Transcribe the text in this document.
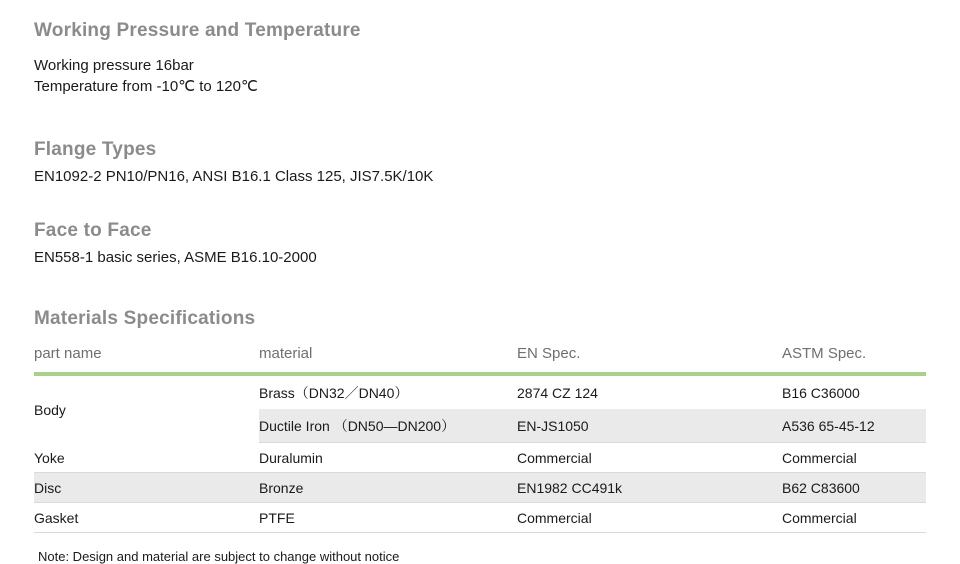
Working Pressure and Temperature

Working pressure 16bar

Temperature from -10℃ to 120℃

Flange Types

EN1092-2 PN10/PN16, ANSI B16.1 Class 125, JIS7.5K/10K

Face to Face

EN558-1 basic series, ASME B16.10-2000

Materials Specifications
part name	material	EN Spec.	ASTM Spec.
Body	Brass（DN32／DN40）	2874 CZ 124	B16 C36000
	Ductile Iron （DN50—DN200）	EN-JS1050	A536 65-45-12
Yoke	Duralumin	Commercial	Commercial
Disc	Bronze	EN1982 CC491k	B62 C83600
Gasket	PTFE	Commercial	Commercial

Note: Design and material are subject to change without notice
